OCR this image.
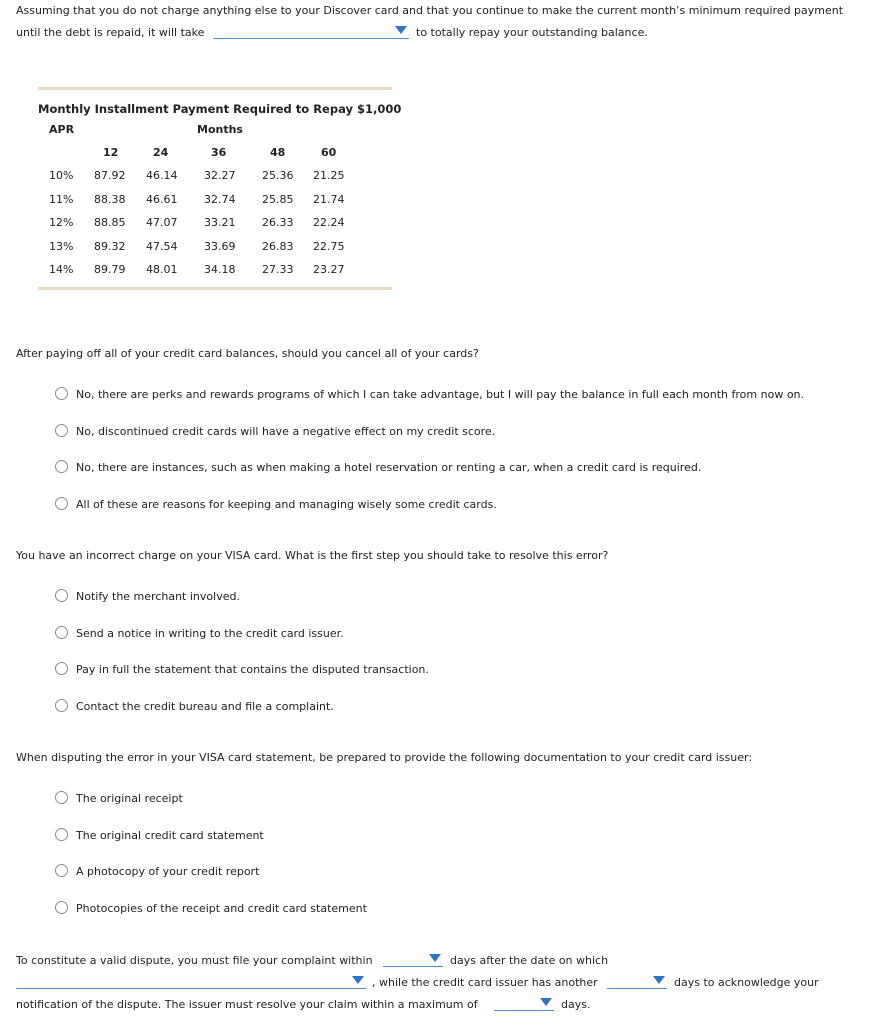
Assuming that you do not charge anything else to your Discover card and that you continue to make the current month’s minimum required payment
until the debt is repaid, it will take	to totally repay your outstanding balance.
Monthly Installment Payment Required to Repay $1,000
APR	Months
12	24	36	48	60
10% 87.92 46.14 32.27 25.36 21.25
11% 88.38 46.61 32.74 25.85 21.74
12% 88.85 47.07 33.21 26.33 22.24
13% 89.32 47.54 33.69 26.83 22.75
14% 89.79 48.01 34.18 27.33 23.27
After paying off all of your credit card balances, should you cancel all of your cards?
No, there are perks and rewards programs of which I can take advantage, but I will pay the balance in full each month from now on.
No, discontinued credit cards will have a negative effect on my credit score.
No, there are instances, such as when making a hotel reservation or renting a car, when a credit card is required.
All of these are reasons for keeping and managing wisely some credit cards.
You have an incorrect charge on your VISA card. What is the first step you should take to resolve this error?
Notify the merchant involved.
Send a notice in writing to the credit card issuer.
Pay in full the statement that contains the disputed transaction.
Contact the credit bureau and file a complaint.
When disputing the error in your VISA card statement, be prepared to provide the following documentation to your credit card issuer:
The original receipt
The original credit card statement
A photocopy of your credit report
Photocopies of the receipt and credit card statement
To constitute a valid dispute, you must file your complaint within	days after the date on which
, while the credit card issuer has another	days to acknowledge your
notification of the dispute. The issuer must resolve your claim within a maximum of	days.
